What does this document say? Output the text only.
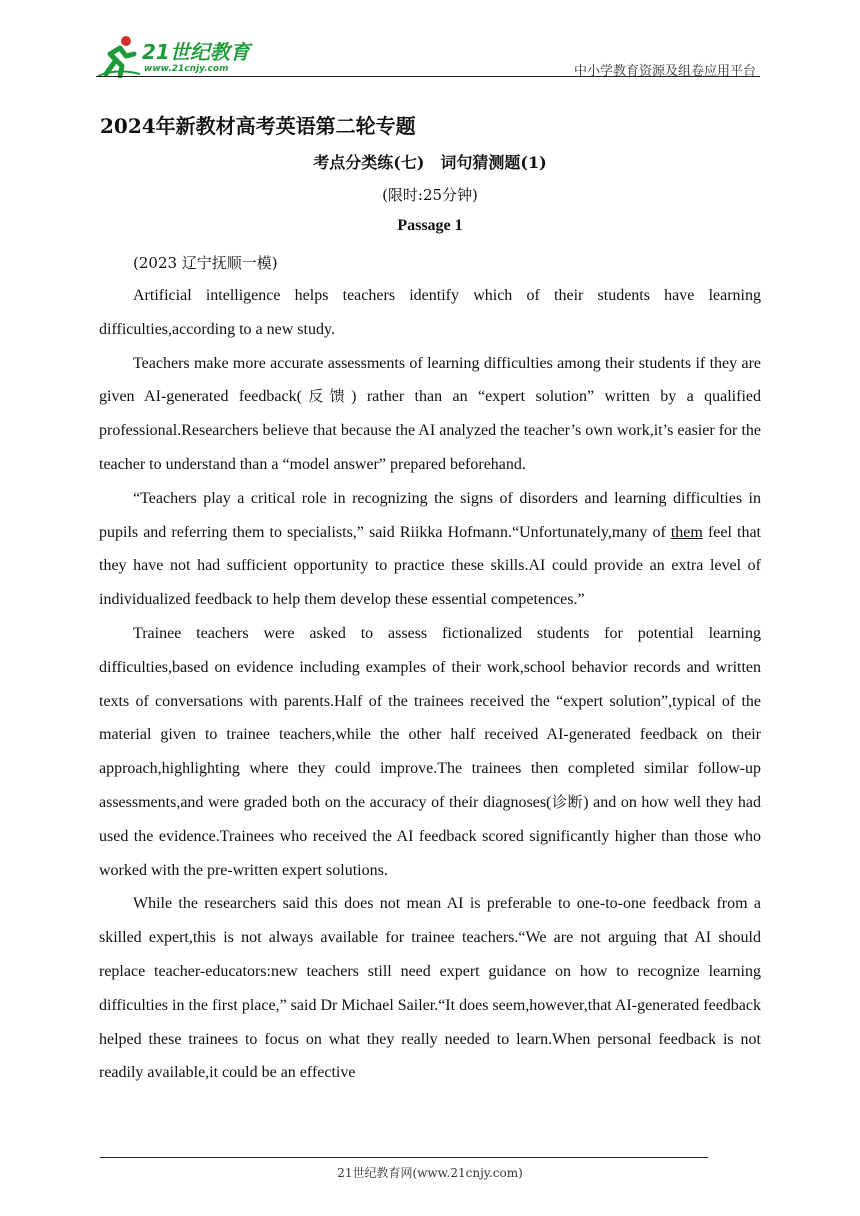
21世纪教育
www.21cnjy.com	中小学教育资源及组卷应用平台
2024年新教材高考英语第二轮专题
考点分类练(七)　词句猜测题(1)
(限时:25分钟)
Passage 1
(2023 辽宁抚顺一模)

Artificial intelligence helps teachers identify which of their students have learning difficulties,according to a new study.

Teachers make more accurate assessments of learning difficulties among their students if they are given AI-generated feedback(反馈) rather than an “expert solution” written by a qualified professional.Researchers believe that because the AI analyzed the teacher’s own work,it’s easier for the teacher to understand than a “model answer” prepared beforehand.

“Teachers play a critical role in recognizing the signs of disorders and learning difficulties in pupils and referring them to specialists,” said Riikka Hofmann.“Unfortunately,many of them feel that they have not had sufficient opportunity to practice these skills.AI could provide an extra level of individualized feedback to help them develop these essential competences.”

Trainee teachers were asked to assess fictionalized students for potential learning difficulties,based on evidence including examples of their work,school behavior records and written texts of conversations with parents.Half of the trainees received the “expert solution”,typical of the material given to trainee teachers,while the other half received AI-generated feedback on their approach,highlighting where they could improve.The trainees then completed similar follow-up assessments,and were graded both on the accuracy of their diagnoses(诊断) and on how well they had used the evidence.Trainees who received the AI feedback scored significantly higher than those who worked with the pre-written expert solutions.

While the researchers said this does not mean AI is preferable to one-to-one feedback from a skilled expert,this is not always available for trainee teachers.“We are not arguing that AI should replace teacher-educators:new teachers still need expert guidance on how to recognize learning difficulties in the first place,” said Dr Michael Sailer.“It does seem,however,that AI-generated feedback helped these trainees to focus on what they really needed to learn.When personal feedback is not readily available,it could be an effective

21世纪教育网(www.21cnjy.com)
